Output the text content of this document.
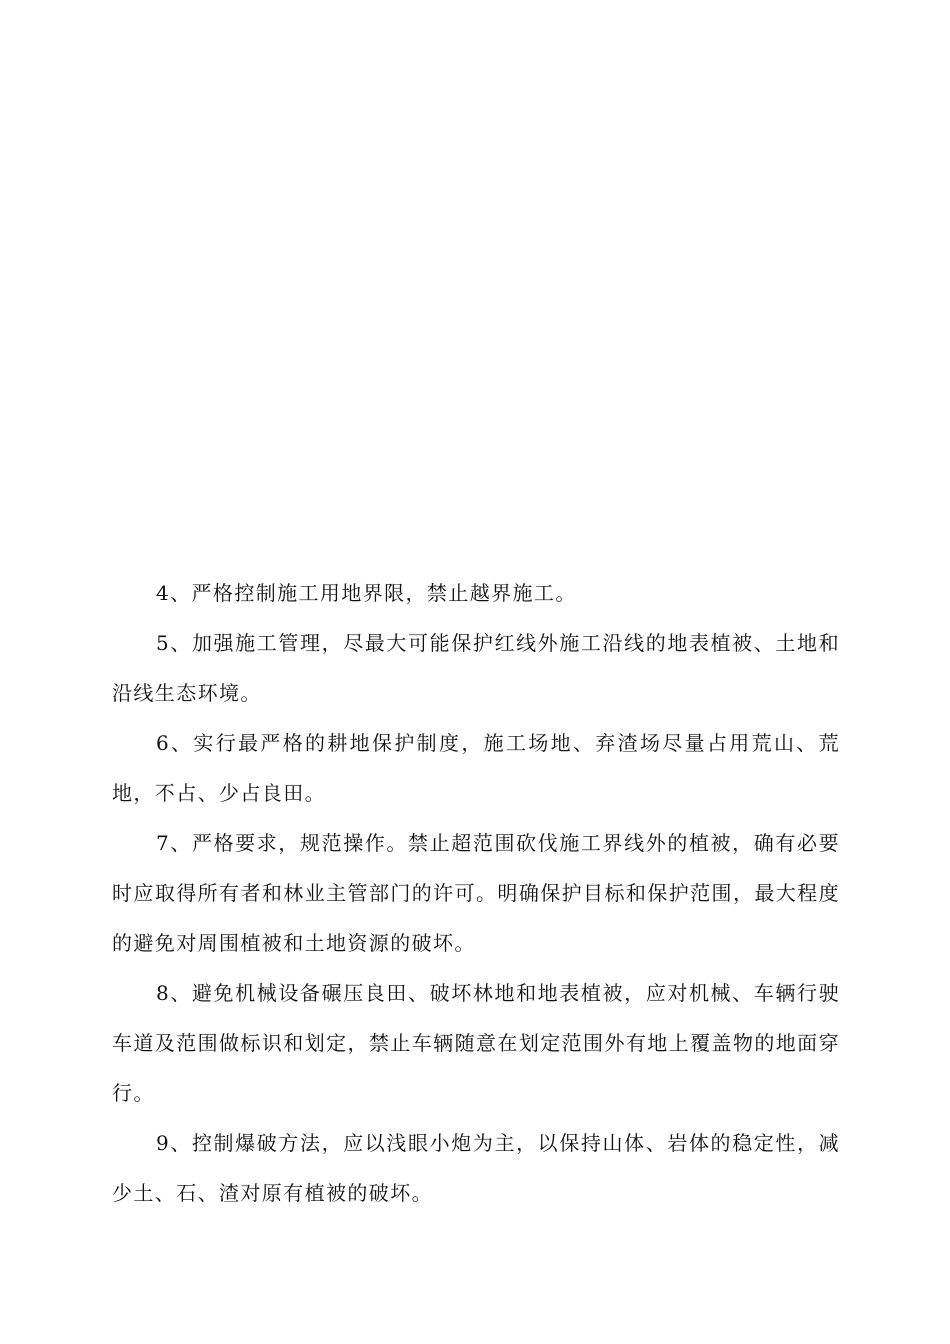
4、严格控制施工用地界限，禁止越界施工。

5、加强施工管理，尽最大可能保护红线外施工沿线的地表植被、土地和沿线生态环境。

6、实行最严格的耕地保护制度，施工场地、弃渣场尽量占用荒山、荒地，不占、少占良田。

7、严格要求，规范操作。禁止超范围砍伐施工界线外的植被，确有必要时应取得所有者和林业主管部门的许可。明确保护目标和保护范围，最大程度的避免对周围植被和土地资源的破坏。

8、避免机械设备碾压良田、破坏林地和地表植被，应对机械、车辆行驶车道及范围做标识和划定，禁止车辆随意在划定范围外有地上覆盖物的地面穿行。

9、控制爆破方法，应以浅眼小炮为主，以保持山体、岩体的稳定性，减少土、石、渣对原有植被的破坏。
